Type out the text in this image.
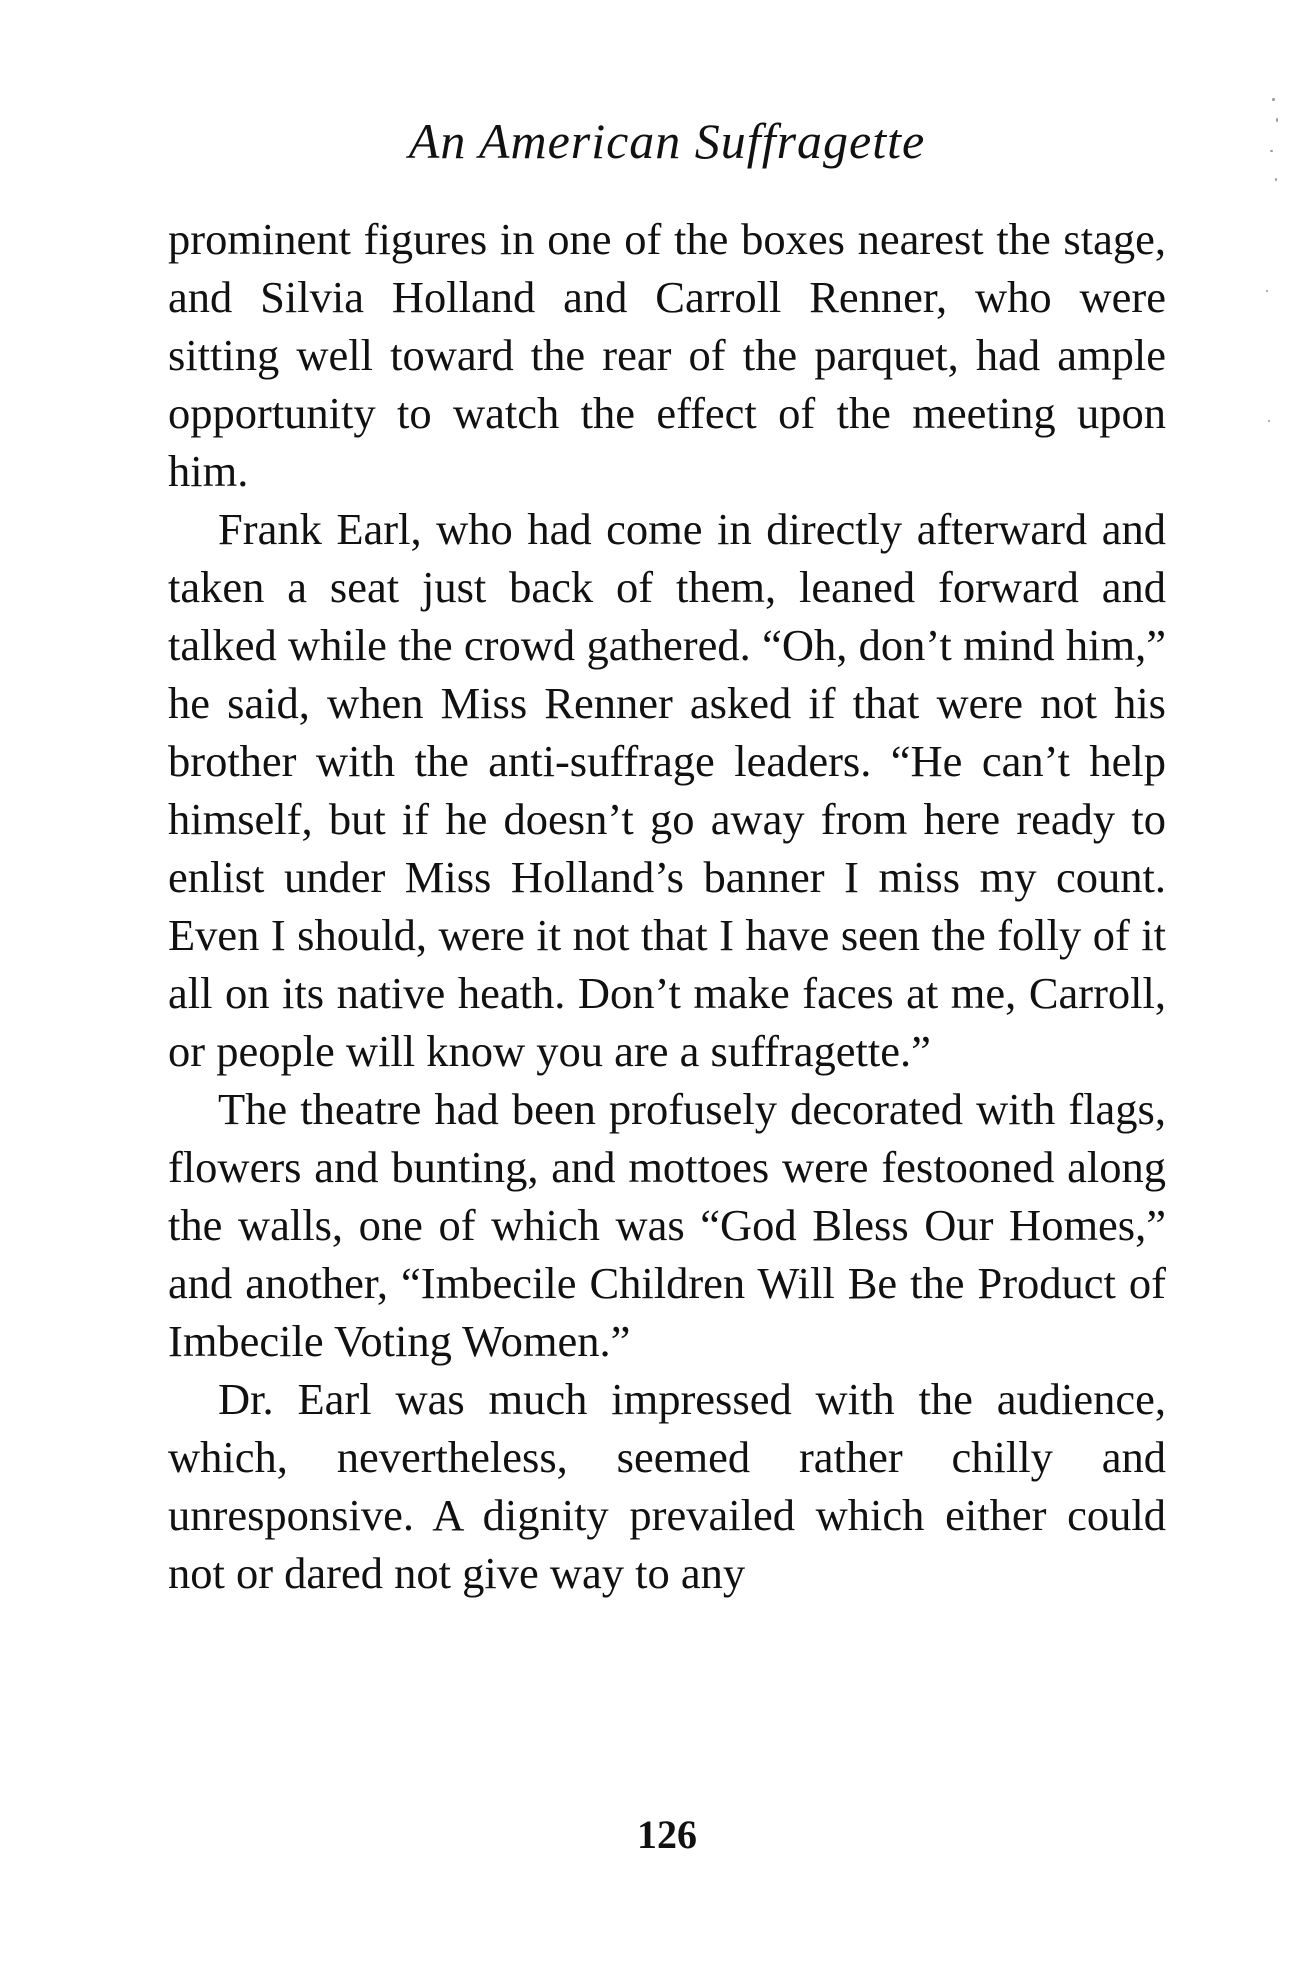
An American Suffragette

prominent figures in one of the boxes nearest the stage, and Silvia Holland and Carroll Renner, who were sitting well toward the rear of the parquet, had ample opportunity to watch the effect of the meeting upon him.

Frank Earl, who had come in directly afterward and taken a seat just back of them, leaned forward and talked while the crowd gathered. “Oh, don’t mind him,” he said, when Miss Renner asked if that were not his brother with the anti-suffrage leaders. “He can’t help himself, but if he doesn’t go away from here ready to enlist under Miss Holland’s banner I miss my count. Even I should, were it not that I have seen the folly of it all on its native heath. Don’t make faces at me, Carroll, or people will know you are a suffragette.”

The theatre had been profusely decorated with flags, flowers and bunting, and mottoes were festooned along the walls, one of which was “God Bless Our Homes,” and another, “Imbecile Children Will Be the Product of Imbecile Voting Women.”

Dr. Earl was much impressed with the audience, which, nevertheless, seemed rather chilly and unresponsive. A dignity prevailed which either could not or dared not give way to any

126
